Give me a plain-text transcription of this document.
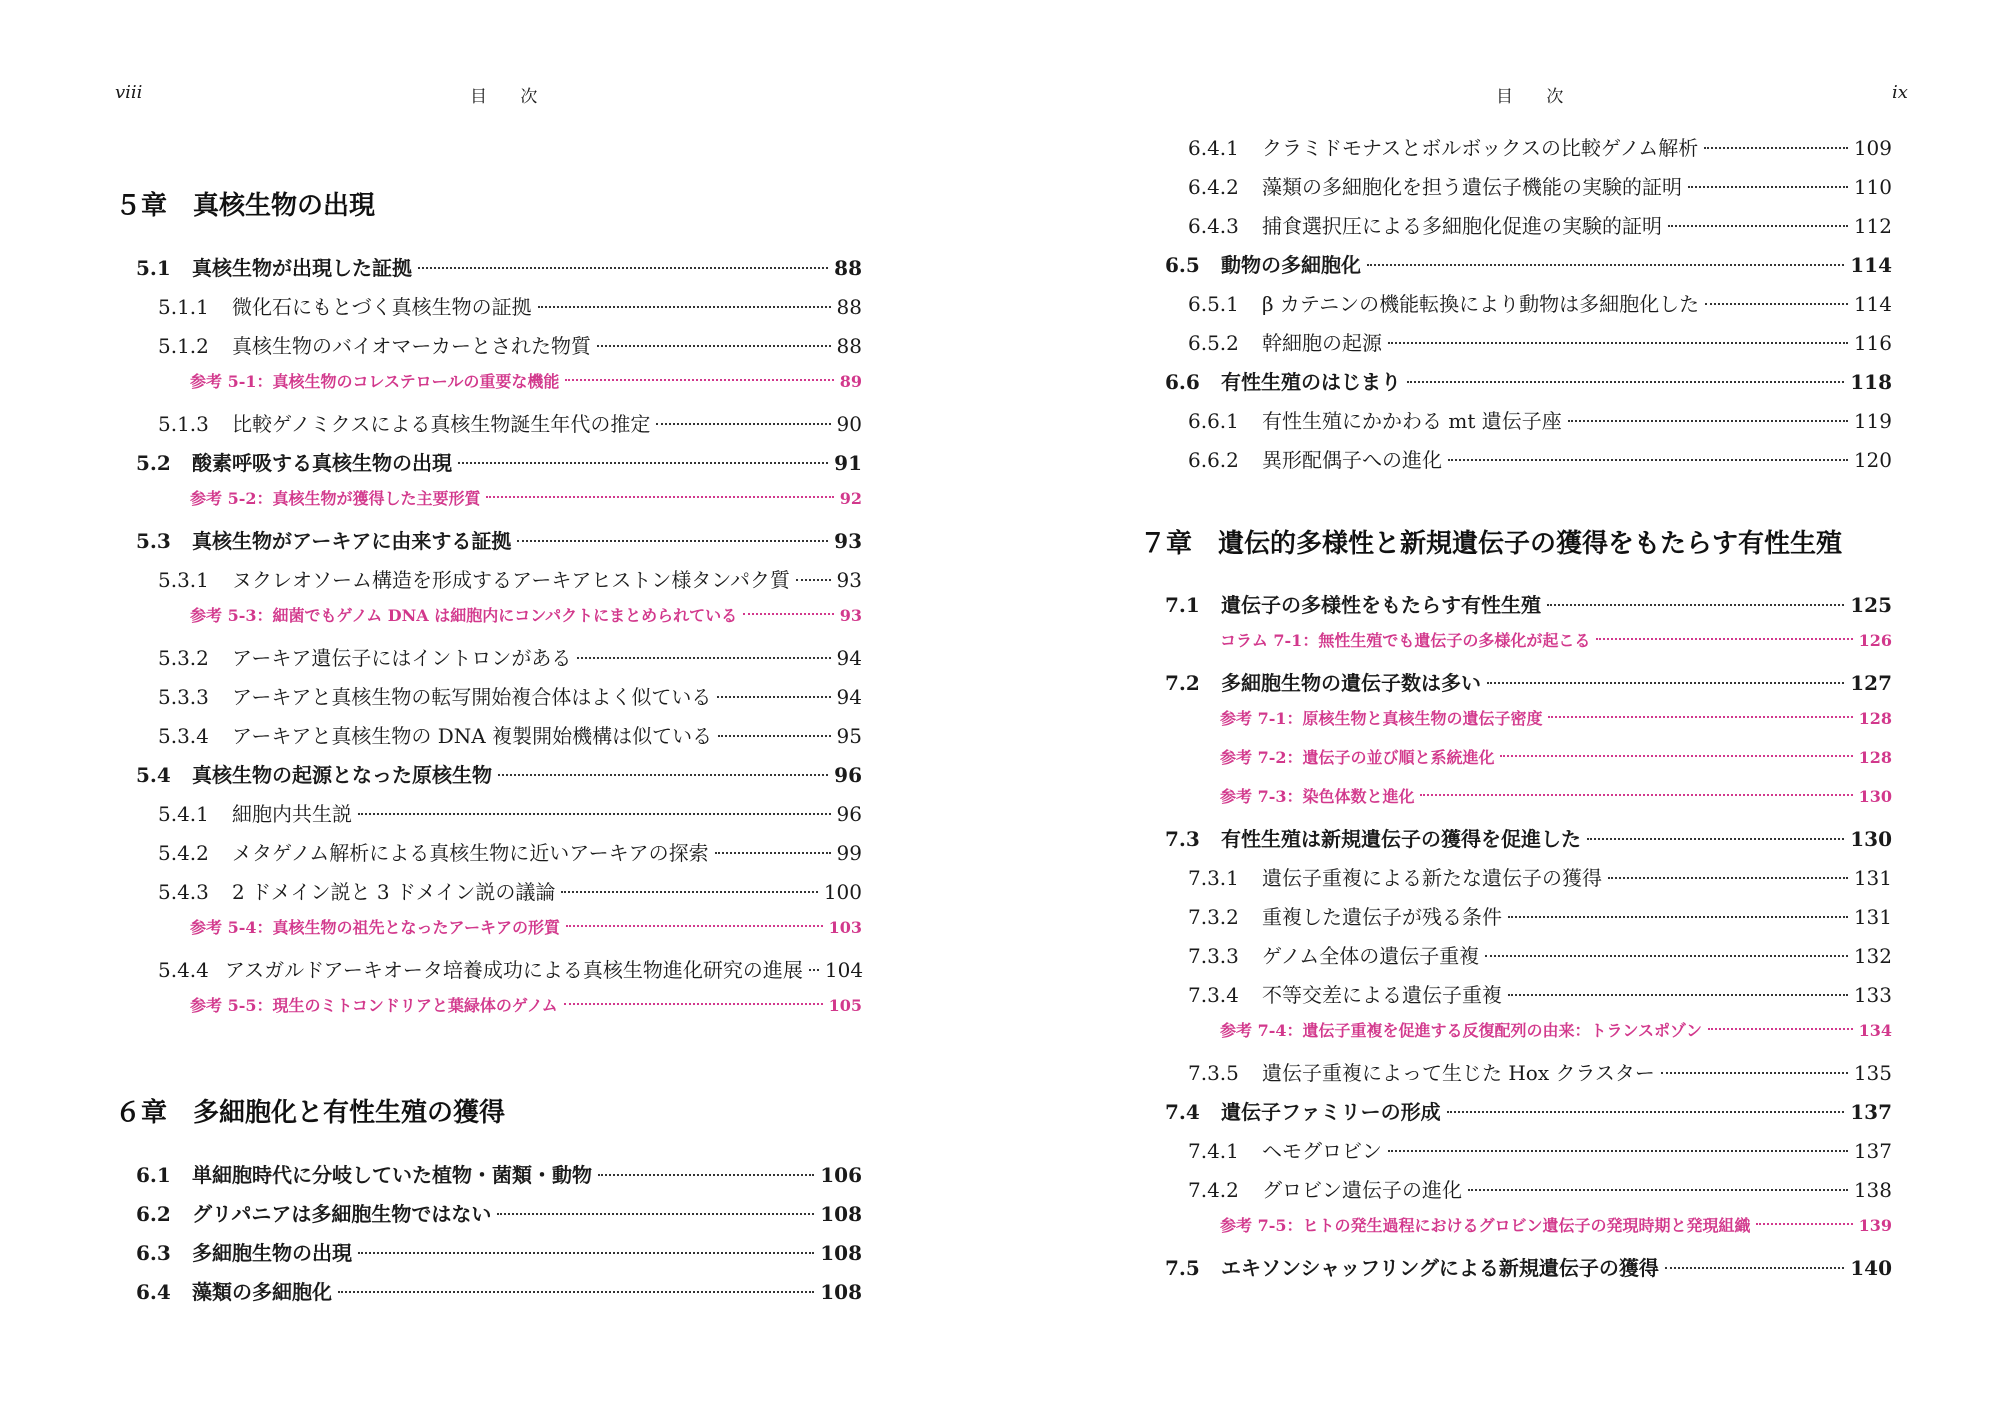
viii	目 次
５章 真核生物の出現
5.1 真核生物が出現した証拠	88
5.1.1	微化石にもとづく真核生物の証拠	88
5.1.2	真核生物のバイオマーカーとされた物質	88
参考 5-1：真核生物のコレステロールの重要な機能	89
5.1.3	比較ゲノミクスによる真核生物誕生年代の推定	90
5.2 酸素呼吸する真核生物の出現	91
参考 5-2：真核生物が獲得した主要形質	92
5.3 真核生物がアーキアに由来する証拠	93
5.3.1	ヌクレオソーム構造を形成するアーキアヒストン様タンパク質 93
参考 5-3：細菌でもゲノム DNA は細胞内にコンパクトにまとめられている	93
5.3.2	アーキア遺伝子にはイントロンがある	94
5.3.3	アーキアと真核生物の転写開始複合体はよく似ている	94
5.3.4	アーキアと真核生物の DNA 複製開始機構は似ている	95
5.4 真核生物の起源となった原核生物	96
5.4.1	細胞内共生説	96
5.4.2	メタゲノム解析による真核生物に近いアーキアの探索	99
5.4.3	2 ドメイン説と 3 ドメイン説の議論	100
参考 5-4：真核生物の祖先となったアーキアの形質	103
5.4.4 アスガルドアーキオータ培養成功による真核生物進化研究の進展 104
参考 5-5：現生のミトコンドリアと葉緑体のゲノム	105
６章 多細胞化と有性生殖の獲得
6.1 単細胞時代に分岐していた植物・菌類・動物	106
6.2 グリパニアは多細胞生物ではない	108
6.3 多細胞生物の出現	108
6.4 藻類の多細胞化	108
目 次	ix
6.4.1	クラミドモナスとボルボックスの比較ゲノム解析	109
6.4.2	藻類の多細胞化を担う遺伝子機能の実験的証明	110
6.4.3	捕食選択圧による多細胞化促進の実験的証明	112
6.5 動物の多細胞化	114
6.5.1	β カテニンの機能転換により動物は多細胞化した	114
6.5.2	幹細胞の起源	116
6.6 有性生殖のはじまり	118
6.6.1	有性生殖にかかわる mt 遺伝子座	119
6.6.2	異形配偶子への進化	120
７章 遺伝的多様性と新規遺伝子の獲得をもたらす有性生殖
7.1 遺伝子の多様性をもたらす有性生殖	125
コラム 7-1：無性生殖でも遺伝子の多様化が起こる	126
7.2 多細胞生物の遺伝子数は多い	127
参考 7-1：原核生物と真核生物の遺伝子密度	128
参考 7-2：遺伝子の並び順と系統進化	128
参考 7-3：染色体数と進化	130
7.3 有性生殖は新規遺伝子の獲得を促進した	130
7.3.1	遺伝子重複による新たな遺伝子の獲得	131
7.3.2	重複した遺伝子が残る条件	131
7.3.3	ゲノム全体の遺伝子重複	132
7.3.4	不等交差による遺伝子重複	133
参考 7-4：遺伝子重複を促進する反復配列の由来：トランスポゾン	134
7.3.5	遺伝子重複によって生じた Hox クラスター	135
7.4 遺伝子ファミリーの形成	137
7.4.1	ヘモグロビン	137
7.4.2	グロビン遺伝子の進化	138
参考 7-5：ヒトの発生過程におけるグロビン遺伝子の発現時期と発現組織	139
7.5 エキソンシャッフリングによる新規遺伝子の獲得	140
